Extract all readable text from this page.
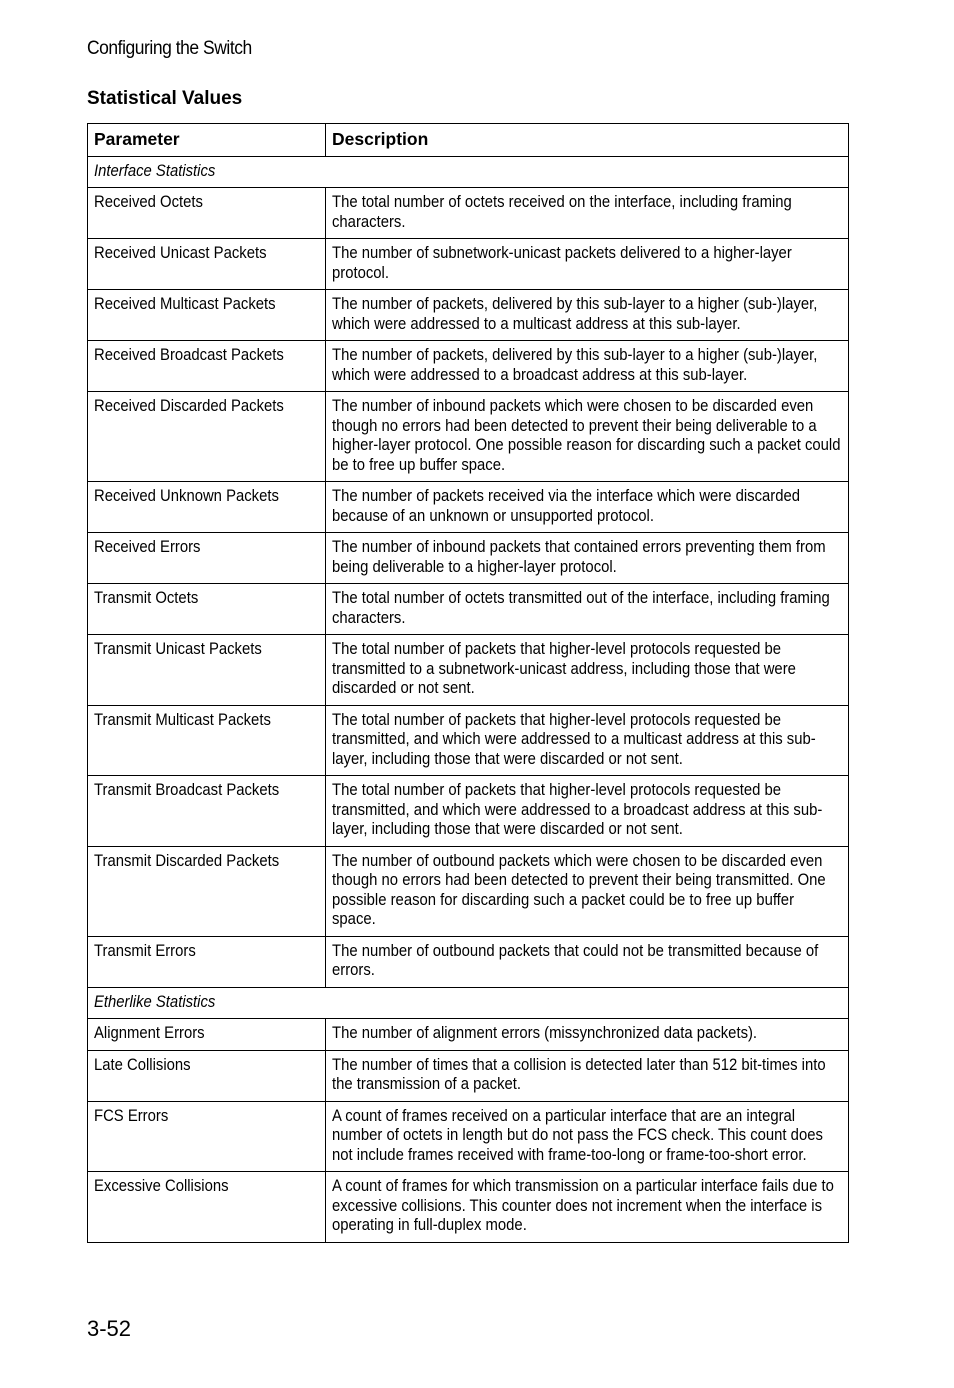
Configuring the Switch
Statistical Values
Parameter	Description
Interface Statistics	
Received Octets	The total number of octets received on the interface, including framing characters.

Received Unicast Packets	The number of subnetwork-unicast packets delivered to a higher-layer protocol.

Received Multicast Packets	The number of packets, delivered by this sub-layer to a higher (sub-)layer, which were addressed to a multicast address at this sub-layer.

Received Broadcast Packets	The number of packets, delivered by this sub-layer to a higher (sub-)layer, which were addressed to a broadcast address at this sub-layer.

Received Discarded Packets	The number of inbound packets which were chosen to be discarded even though no errors had been detected to prevent their being deliverable to a higher-layer protocol. One possible reason for discarding such a packet could be to free up buffer space.

Received Unknown Packets	The number of packets received via the interface which were discarded because of an unknown or unsupported protocol.

Received Errors	The number of inbound packets that contained errors preventing them from being deliverable to a higher-layer protocol.

Transmit Octets	The total number of octets transmitted out of the interface, including framing characters.

Transmit Unicast Packets	The total number of packets that higher-level protocols requested be transmitted to a subnetwork-unicast address, including those that were discarded or not sent.

Transmit Multicast Packets	The total number of packets that higher-level protocols requested be transmitted, and which were addressed to a multicast address at this sub-layer, including those that were discarded or not sent.

Transmit Broadcast Packets	The total number of packets that higher-level protocols requested be transmitted, and which were addressed to a broadcast address at this sub-layer, including those that were discarded or not sent.

Transmit Discarded Packets	The number of outbound packets which were chosen to be discarded even though no errors had been detected to prevent their being transmitted. One possible reason for discarding such a packet could be to free up buffer space.

Transmit Errors	The number of outbound packets that could not be transmitted because of errors.

Etherlike Statistics	
Alignment Errors	The number of alignment errors (missynchronized data packets).

Late Collisions	The number of times that a collision is detected later than 512 bit-times into the transmission of a packet.

FCS Errors	A count of frames received on a particular interface that are an integral number of octets in length but do not pass the FCS check. This count does not include frames received with frame-too-long or frame-too-short error.

Excessive Collisions	A count of frames for which transmission on a particular interface fails due to excessive collisions. This counter does not increment when the interface is operating in full-duplex mode.
3-52
